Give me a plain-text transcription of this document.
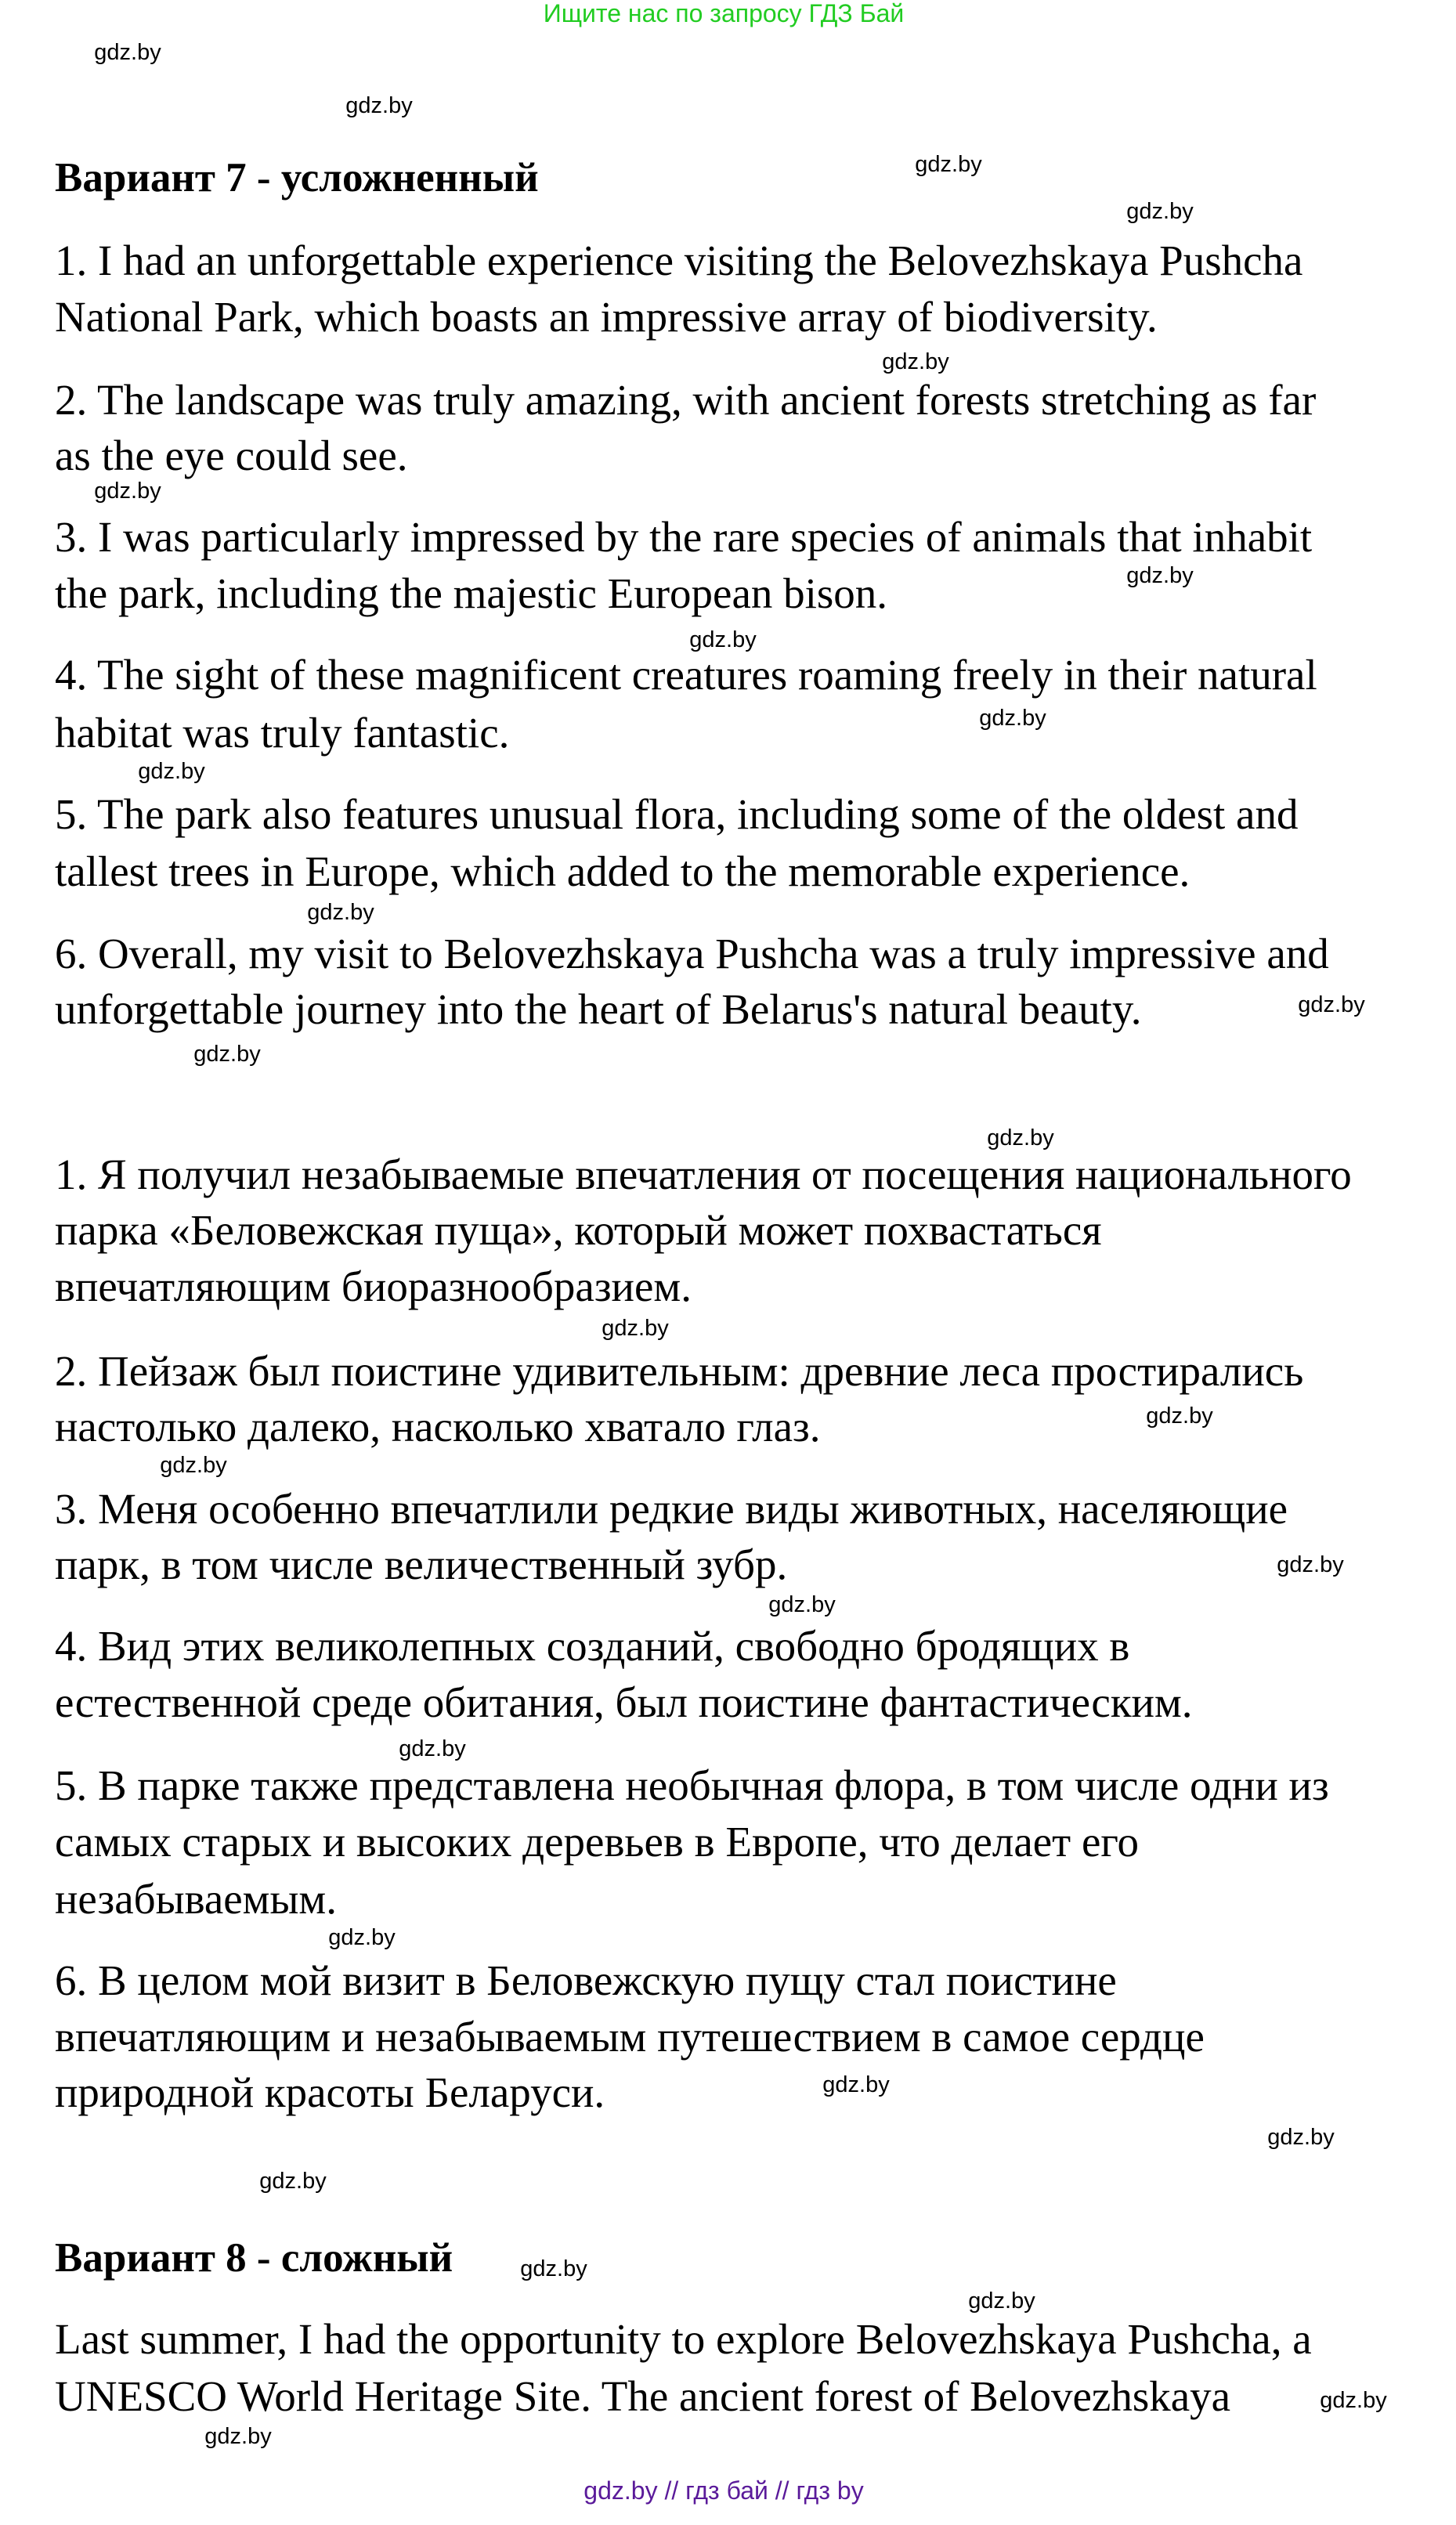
Ищите нас по запросу ГДЗ Бай
Вариант 7 - усложненный
Вариант 8 - сложный
gdz.by // гдз бай // гдз by
1. I had an unforgettable experience visiting the Belovezhskaya Pushcha
National Park, which boasts an impressive array of biodiversity.
2. The landscape was truly amazing, with ancient forests stretching as far
as the eye could see.
3. I was particularly impressed by the rare species of animals that inhabit
the park, including the majestic European bison.
4. The sight of these magnificent creatures roaming freely in their natural
habitat was truly fantastic.
5. The park also features unusual flora, including some of the oldest and
tallest trees in Europe, which added to the memorable experience.
6. Overall, my visit to Belovezhskaya Pushcha was a truly impressive and
unforgettable journey into the heart of Belarus's natural beauty.
1. Я получил незабываемые впечатления от посещения национального
парка «Беловежская пуща», который может похвастаться
впечатляющим биоразнообразием.
2. Пейзаж был поистине удивительным: древние леса простирались
настолько далеко, насколько хватало глаз.
3. Меня особенно впечатлили редкие виды животных, населяющие
парк, в том числе величественный зубр.
4. Вид этих великолепных созданий, свободно бродящих в
естественной среде обитания, был поистине фантастическим.
5. В парке также представлена необычная флора, в том числе одни из
самых старых и высоких деревьев в Европе, что делает его
незабываемым.
6. В целом мой визит в Беловежскую пущу стал поистине
впечатляющим и незабываемым путешествием в самое сердце
природной красоты Беларуси.
Last summer, I had the opportunity to explore Belovezhskaya Pushcha, a
UNESCO World Heritage Site. The ancient forest of Belovezhskaya
gdz.by
gdz.by
gdz.by
gdz.by
gdz.by
gdz.by
gdz.by
gdz.by
gdz.by
gdz.by
gdz.by
gdz.by
gdz.by
gdz.by
gdz.by
gdz.by
gdz.by
gdz.by
gdz.by
gdz.by
gdz.by
gdz.by
gdz.by
gdz.by
gdz.by
gdz.by
gdz.by
gdz.by
